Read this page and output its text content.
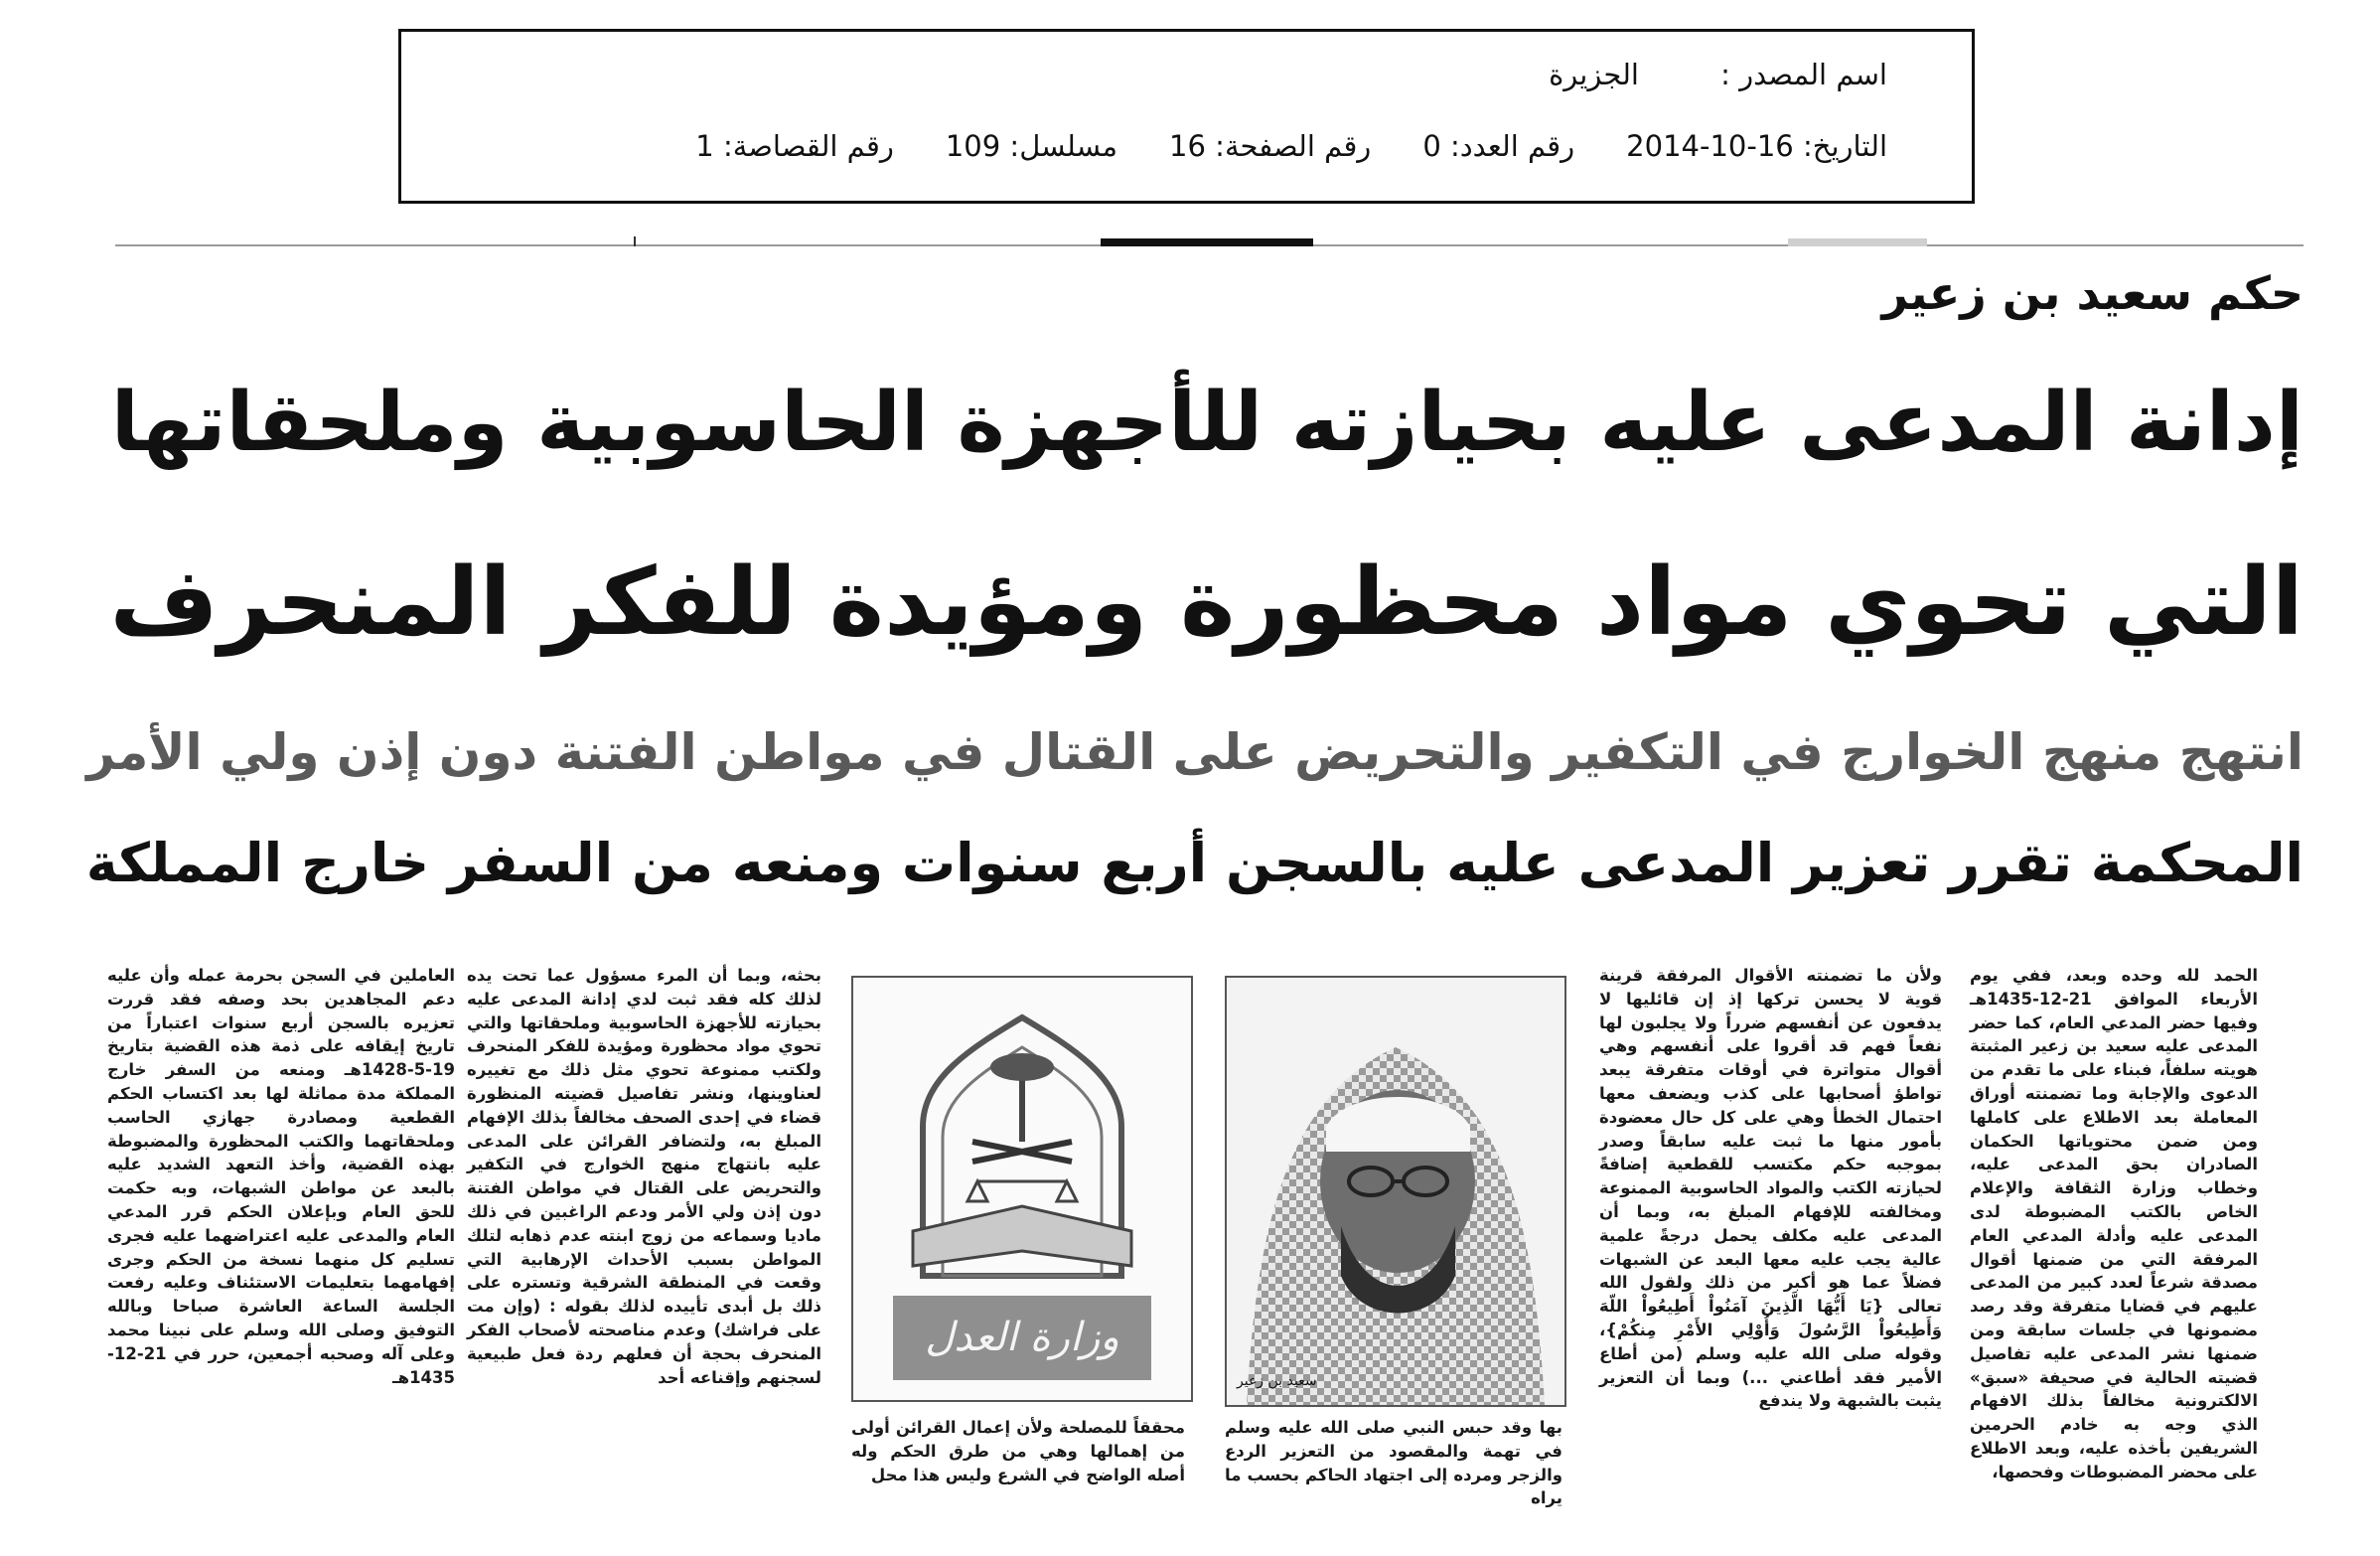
اسم المصدر :
الجزيرة
التاريخ: 16-10-2014
رقم العدد: 0
رقم الصفحة: 16
مسلسل: 109
رقم القصاصة: 1
حكم سعيد بن زعير
إدانة المدعى عليه بحيازته للأجهزة الحاسوبية وملحقاتها
التي تحوي مواد محظورة ومؤيدة للفكر المنحرف
انتهج منهج الخوارج في التكفير والتحريض على القتال في مواطن الفتنة دون إذن ولي الأمر
المحكمة تقرر تعزير المدعى عليه بالسجن أربع سنوات ومنعه من السفر خارج المملكة

الحمد لله وحده وبعد، ففي يوم الأربعاء الموافق 21-12-1435هـ وفيها حضر المدعي العام، كما حضر المدعى عليه سعيد بن زعير المثبتة هويته سلفاً، فبناء على ما تقدم من الدعوى والإجابة وما تضمنته أوراق المعاملة بعد الاطلاع على كاملها ومن ضمن محتوياتها الحكمان الصادران بحق المدعى عليه، وخطاب وزارة الثقافة والإعلام الخاص بالكتب المضبوطة لدى المدعى عليه وأدلة المدعي العام المرفقة التي من ضمنها أقوال مصدقة شرعاً لعدد كبير من المدعى عليهم في قضايا متفرقة وقد رصد مضمونها في جلسات سابقة ومن ضمنها نشر المدعى عليه تفاصيل قضيته الحالية في صحيفة «سبق» الالكترونية مخالفاً بذلك الافهام الذي وجه به خادم الحرمين الشريفين بأخذه عليه، وبعد الاطلاع على محضر المضبوطات وفحصها،

ولأن ما تضمنته الأقوال المرفقة قرينة قوية لا يحسن تركها إذ إن قائليها لا يدفعون عن أنفسهم ضرراً ولا يجلبون لها نفعاً فهم قد أقروا على أنفسهم وهي أقوال متواترة في أوقات متفرقة يبعد تواطؤ أصحابها على كذب ويضعف معها احتمال الخطأ وهي على كل حال معضودة بأمور منها ما ثبت عليه سابقاً وصدر بموجبه حكم مكتسب للقطعية إضافةً لحيازته الكتب والمواد الحاسوبية الممنوعة ومخالفته للإفهام المبلغ به، وبما أن المدعى عليه مكلف يحمل درجةً علمية عالية يجب عليه معها البعد عن الشبهات فضلاً عما هو أكبر من ذلك ولقول الله تعالى {يَا أَيُّهَا الَّذِينَ آمَنُواْ أَطِيعُواْ اللّهَ وَأَطِيعُواْ الرَّسُولَ وَأُوْلِي الأَمْرِ مِنكُمْ}، وقوله صلى الله عليه وسلم (من أطاع الأمير فقد أطاعني ...) وبما أن التعزير يثبت بالشبهة ولا يندفع

سعيد بن زعير

بها وقد حبس النبي صلى الله عليه وسلم في تهمة والمقصود من التعزير الردع والزجر ومرده إلى اجتهاد الحاكم بحسب ما يراه

وزارة العدل

محققاً للمصلحة ولأن إعمال القرائن أولى من إهمالها وهي من طرق الحكم وله أصله الواضح في الشرع وليس هذا محل

بحثه، وبما أن المرء مسؤول عما تحت يده لذلك كله فقد ثبت لدي إدانة المدعى عليه بحيازته للأجهزة الحاسوبية وملحقاتها والتي تحوي مواد محظورة ومؤيدة للفكر المنحرف ولكتب ممنوعة تحوي مثل ذلك مع تغييره لعناوينها، ونشر تفاصيل قضيته المنظورة قضاء في إحدى الصحف مخالفاً بذلك الإفهام المبلغ به، ولتضافر القرائن على المدعى عليه بانتهاج منهج الخوارج في التكفير والتحريض على القتال في مواطن الفتنة دون إذن ولي الأمر ودعم الراغبين في ذلك ماديا وسماعه من زوج ابنته عدم ذهابه لتلك المواطن بسبب الأحداث الإرهابية التي وقعت في المنطقة الشرقية وتستره على ذلك بل أبدى تأييده لذلك بقوله : (وإن مت على فراشك) وعدم مناصحته لأصحاب الفكر المنحرف بحجة أن فعلهم ردة فعل طبيعية لسجنهم وإقناعه أحد

العاملين في السجن بحرمة عمله وأن عليه دعم المجاهدين بحد وصفه فقد قررت تعزيره بالسجن أربع سنوات اعتباراً من تاريخ إيقافه على ذمة هذه القضية بتاريخ 19-5-1428هـ ومنعه من السفر خارج المملكة مدة مماثلة لها بعد اكتساب الحكم القطعية ومصادرة جهازي الحاسب وملحقاتهما والكتب المحظورة والمضبوطة بهذه القضية، وأخذ التعهد الشديد عليه بالبعد عن مواطن الشبهات، وبه حكمت للحق العام وبإعلان الحكم قرر المدعي العام والمدعى عليه اعتراضهما عليه فجرى تسليم كل منهما نسخة من الحكم وجرى إفهامهما بتعليمات الاستئناف وعليه رفعت الجلسة الساعة العاشرة صباحا وبالله التوفيق وصلى الله وسلم على نبينا محمد وعلى آله وصحبه أجمعين، حرر في 21-12-1435هـ
